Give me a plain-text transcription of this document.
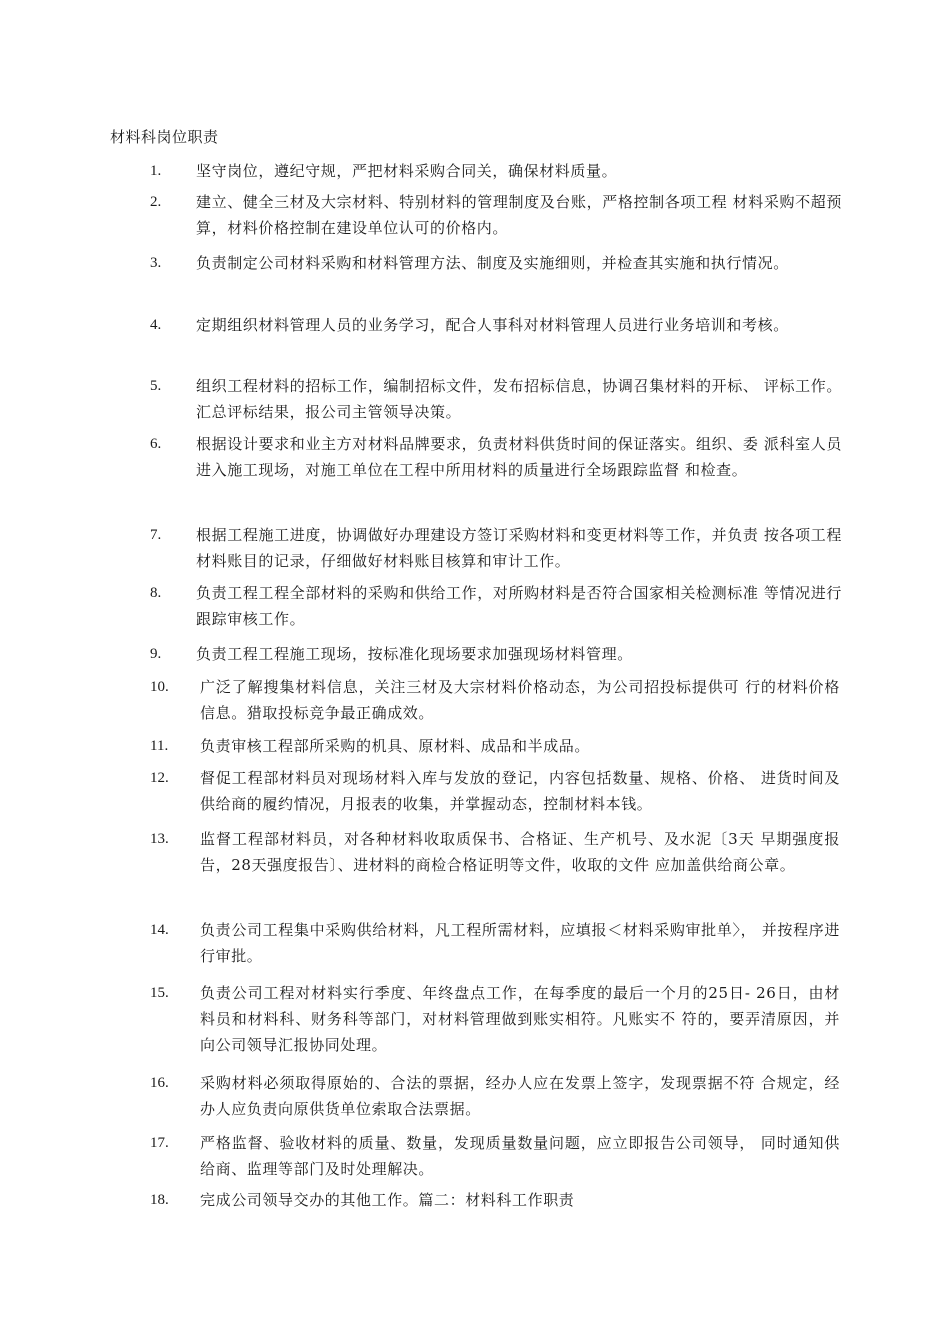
材料科岗位职责
1. 坚守岗位，遵纪守规，严把材料采购合同关，确保材料质量。
2. 建立、健全三材及大宗材料、特别材料的管理制度及台账，严格控制各项工程 材料采购不超预算，材料价格控制在建设单位认可的价格内。
3. 负责制定公司材料采购和材料管理方法、制度及实施细则，并检查其实施和执行情况。
4. 定期组织材料管理人员的业务学习，配合人事科对材料管理人员进行业务培训和考核。
5. 组织工程材料的招标工作，编制招标文件，发布招标信息，协调召集材料的开标、 评标工作。汇总评标结果，报公司主管领导决策。
6. 根据设计要求和业主方对材料品牌要求，负责材料供货时间的保证落实。组织、委 派科室人员进入施工现场，对施工单位在工程中所用材料的质量进行全场跟踪监督 和检查。
7. 根据工程施工进度，协调做好办理建设方签订采购材料和变更材料等工作，并负责 按各项工程材料账目的记录，仔细做好材料账目核算和审计工作。
8. 负责工程工程全部材料的采购和供给工作，对所购材料是否符合国家相关检测标准 等情况进行跟踪审核工作。
9. 负责工程工程施工现场，按标准化现场要求加强现场材料管理。
10. 广泛了解搜集材料信息，关注三材及大宗材料价格动态，为公司招投标提供可 行的材料价格信息。猎取投标竞争最正确成效。
11. 负责审核工程部所采购的机具、原材料、成品和半成品。
12. 督促工程部材料员对现场材料入库与发放的登记，内容包括数量、规格、价格、 进货时间及供给商的履约情况，月报表的收集，并掌握动态，控制材料本钱。
13. 监督工程部材料员，对各种材料收取质保书、合格证、生产机号、及水泥〔3天 早期强度报告，28天强度报告〕、进材料的商检合格证明等文件，收取的文件 应加盖供给商公章。
14. 负责公司工程集中采购供给材料，凡工程所需材料，应填报＜材料采购审批单〉， 并按程序进行审批。
15. 负责公司工程对材料实行季度、年终盘点工作，在每季度的最后一个月的25日- 26日，由材料员和材料科、财务科等部门，对材料管理做到账实相符。凡账实不 符的，要弄清原因，并向公司领导汇报协同处理。
16. 采购材料必须取得原始的、合法的票据，经办人应在发票上签字，发现票据不符 合规定，经办人应负责向原供货单位索取合法票据。
17. 严格监督、验收材料的质量、数量，发现质量数量问题，应立即报告公司领导， 同时通知供给商、监理等部门及时处理解决。
18. 完成公司领导交办的其他工作。篇二：材料科工作职责
